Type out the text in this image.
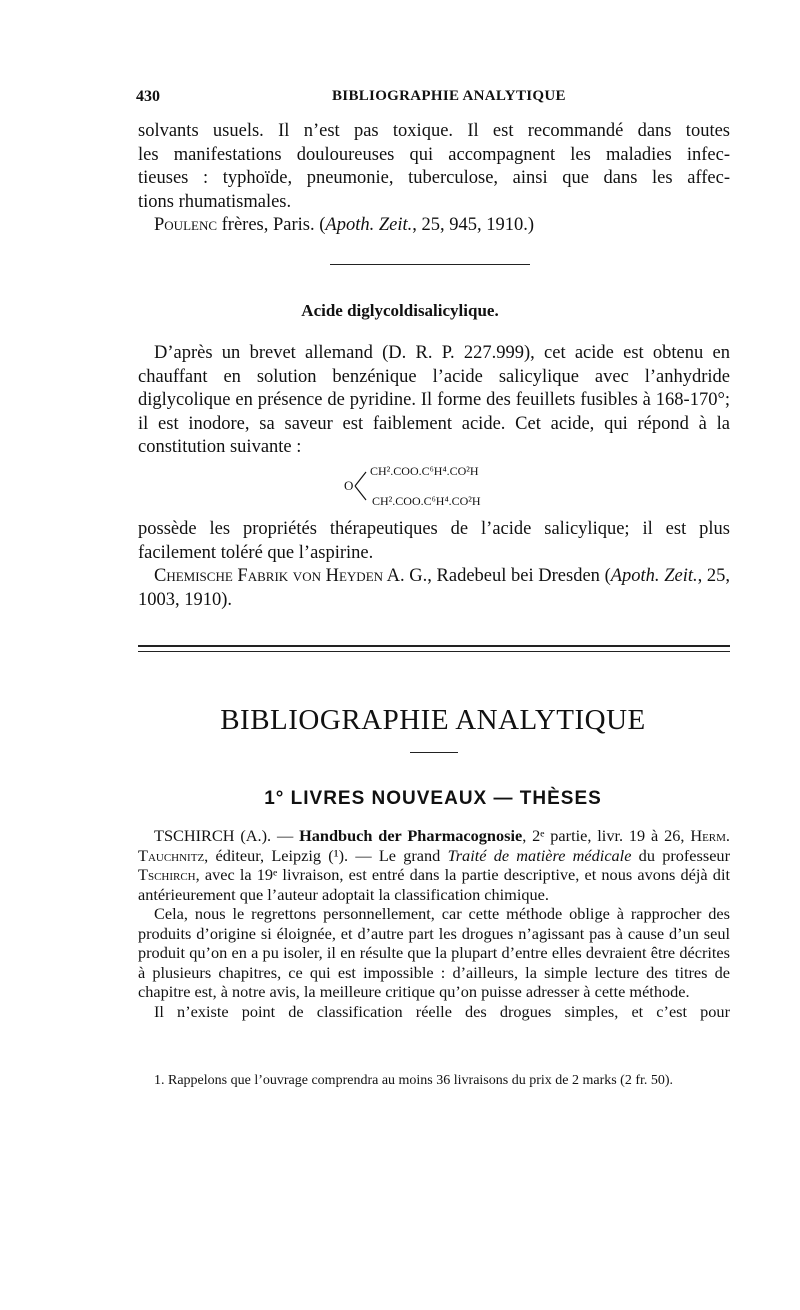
430	BIBLIOGRAPHIE ANALYTIQUE

solvants usuels. Il n’est pas toxique. Il est recommandé dans toutes

les manifestations douloureuses qui accompagnent les maladies infec-

tieuses : typhoïde, pneumonie, tuberculose, ainsi que dans les affec-

tions rhumatismales.

Poulenc frères, Paris. (Apoth. Zeit., 25, 945, 1910.)

Acide diglycoldisalicylique.

D’après un brevet allemand (D. R. P. 227.999), cet acide est obtenu en chauffant en solution benzénique l’acide salicylique avec l’anhydride diglycolique en présence de pyridine. Il forme des feuillets fusibles à 168-170°; il est inodore, sa saveur est faiblement acide. Cet acide, qui répond à la constitution suivante :

O
CH².COO.C⁶H⁴.CO²H
CH².COO.C⁶H⁴.CO²H

possède les propriétés thérapeutiques de l’acide salicylique; il est plus facilement toléré que l’aspirine.

Chemische Fabrik von Heyden A. G., Radebeul bei Dresden (Apoth. Zeit., 25, 1003, 1910).

BIBLIOGRAPHIE ANALYTIQUE
1° LIVRES NOUVEAUX — THÈSES

TSCHIRCH (A.). — Handbuch der Pharmacognosie, 2ᵉ partie, livr. 19 à 26, Herm. Tauchnitz, éditeur, Leipzig (¹). — Le grand Traité de matière médicale du professeur Tschirch, avec la 19ᵉ livraison, est entré dans la partie descriptive, et nous avons déjà dit antérieurement que l’auteur adoptait la classification chimique.

Cela, nous le regrettons personnellement, car cette méthode oblige à rapprocher des produits d’origine si éloignée, et d’autre part les drogues n’agissant pas à cause d’un seul produit qu’on en a pu isoler, il en résulte que la plupart d’entre elles devraient être décrites à plusieurs chapitres, ce qui est impossible : d’ailleurs, la simple lecture des titres de chapitre est, à notre avis, la meilleure critique qu’on puisse adresser à cette méthode.

Il n’existe point de classification réelle des drogues simples, et c’est pour

1. Rappelons que l’ouvrage comprendra au moins 36 livraisons du prix de 2 marks (2 fr. 50).
